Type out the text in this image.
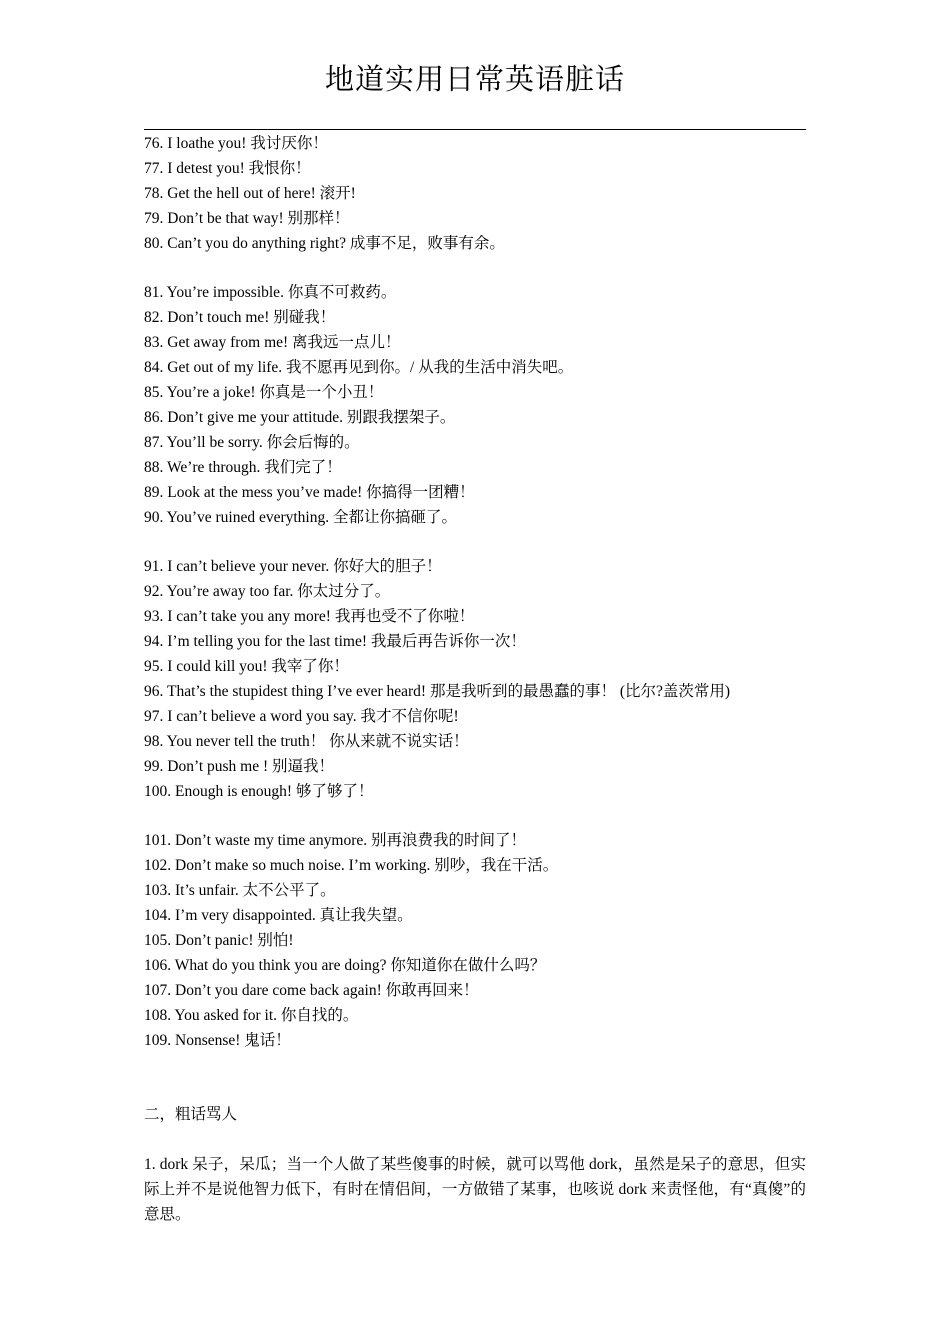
地道实用日常英语脏话

76. I loathe you! 我讨厌你！

77. I detest you! 我恨你！

78. Get the hell out of here! 滚开!

79. Don’t be that way! 别那样！

80. Can’t you do anything right? 成事不足，败事有余。

81. You’re impossible. 你真不可救药。

82. Don’t touch me! 别碰我！

83. Get away from me! 离我远一点儿！

84. Get out of my life. 我不愿再见到你。/ 从我的生活中消失吧。

85. You’re a joke! 你真是一个小丑！

86. Don’t give me your attitude. 别跟我摆架子。

87. You’ll be sorry. 你会后悔的。

88. We’re through. 我们完了！

89. Look at the mess you’ve made! 你搞得一团糟！

90. You’ve ruined everything. 全都让你搞砸了。

91. I can’t believe your never. 你好大的胆子！

92. You’re away too far. 你太过分了。

93. I can’t take you any more! 我再也受不了你啦！

94. I’m telling you for the last time! 我最后再告诉你一次！

95. I could kill you! 我宰了你！

96. That’s the stupidest thing I’ve ever heard! 那是我听到的最愚蠢的事！ (比尔?盖茨常用)

97. I can’t believe a word you say. 我才不信你呢!

98. You never tell the truth！ 你从来就不说实话！

99. Don’t push me ! 别逼我！

100. Enough is enough! 够了够了！

101. Don’t waste my time anymore. 别再浪费我的时间了！

102. Don’t make so much noise. I’m working. 别吵，我在干活。

103. It’s unfair. 太不公平了。

104. I’m very disappointed. 真让我失望。

105. Don’t panic! 别怕!

106. What do you think you are doing? 你知道你在做什么吗？

107. Don’t you dare come back again! 你敢再回来！

108. You asked for it. 你自找的。

109. Nonsense! 鬼话！

二，粗话骂人

1. dork 呆子，呆瓜；当一个人做了某些傻事的时候，就可以骂他 dork，虽然是呆子的意思，但实际上并不是说他智力低下，有时在情侣间，一方做错了某事，也咳说 dork 来责怪他，有“真傻”的意思。
